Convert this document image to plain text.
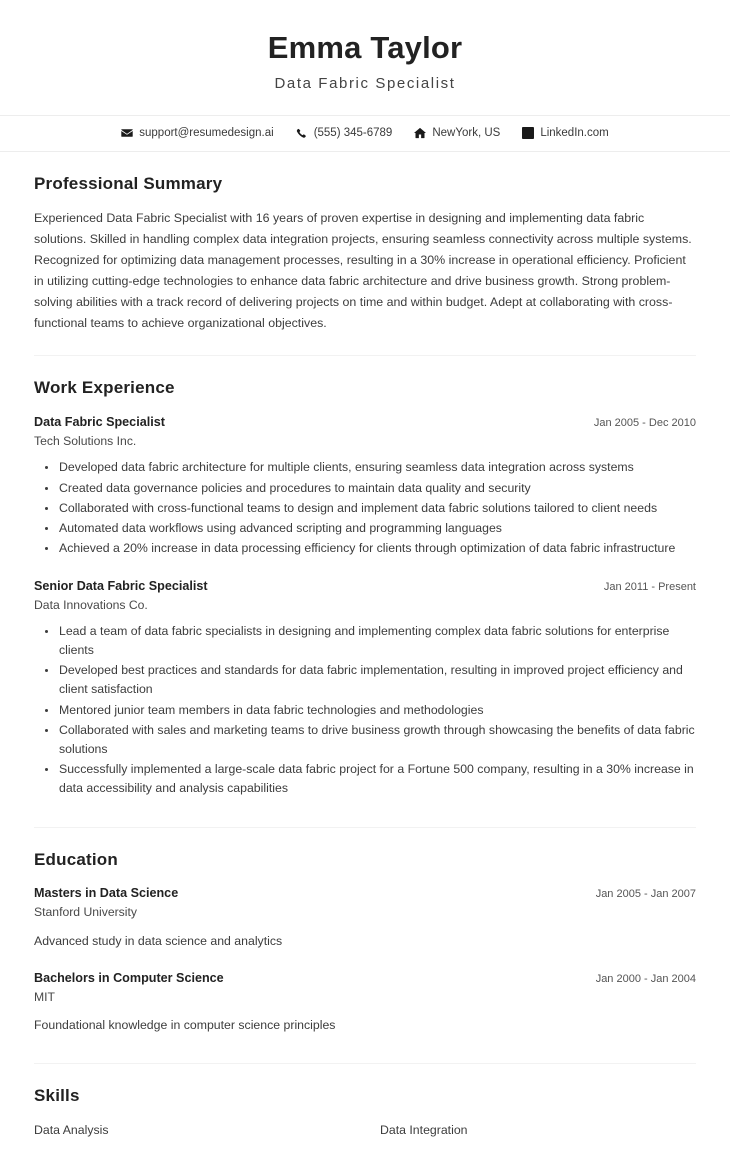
Emma Taylor
Data Fabric Specialist
support@resumedesign.ai	(555) 345-6789	NewYork, US	LinkedIn.com
Professional Summary
Experienced Data Fabric Specialist with 16 years of proven expertise in designing and implementing data fabric solutions. Skilled in handling complex data integration projects, ensuring seamless connectivity across multiple systems. Recognized for optimizing data management processes, resulting in a 30% increase in operational efficiency. Proficient in utilizing cutting-edge technologies to enhance data fabric architecture and drive business growth. Strong problem-solving abilities with a track record of delivering projects on time and within budget. Adept at collaborating with cross-functional teams to achieve organizational objectives.
Work Experience
Data Fabric Specialist	Jan 2005 - Dec 2010
Tech Solutions Inc.
Developed data fabric architecture for multiple clients, ensuring seamless data integration across systems
Created data governance policies and procedures to maintain data quality and security
Collaborated with cross-functional teams to design and implement data fabric solutions tailored to client needs
Automated data workflows using advanced scripting and programming languages
Achieved a 20% increase in data processing efficiency for clients through optimization of data fabric infrastructure
Senior Data Fabric Specialist	Jan 2011 - Present
Data Innovations Co.
Lead a team of data fabric specialists in designing and implementing complex data fabric solutions for enterprise clients
Developed best practices and standards for data fabric implementation, resulting in improved project efficiency and client satisfaction
Mentored junior team members in data fabric technologies and methodologies
Collaborated with sales and marketing teams to drive business growth through showcasing the benefits of data fabric solutions
Successfully implemented a large-scale data fabric project for a Fortune 500 company, resulting in a 30% increase in data accessibility and analysis capabilities
Education
Masters in Data Science	Jan 2005 - Jan 2007
Stanford University
Advanced study in data science and analytics
Bachelors in Computer Science	Jan 2000 - Jan 2004
MIT
Foundational knowledge in computer science principles
Skills
Data Analysis	Data Integration
